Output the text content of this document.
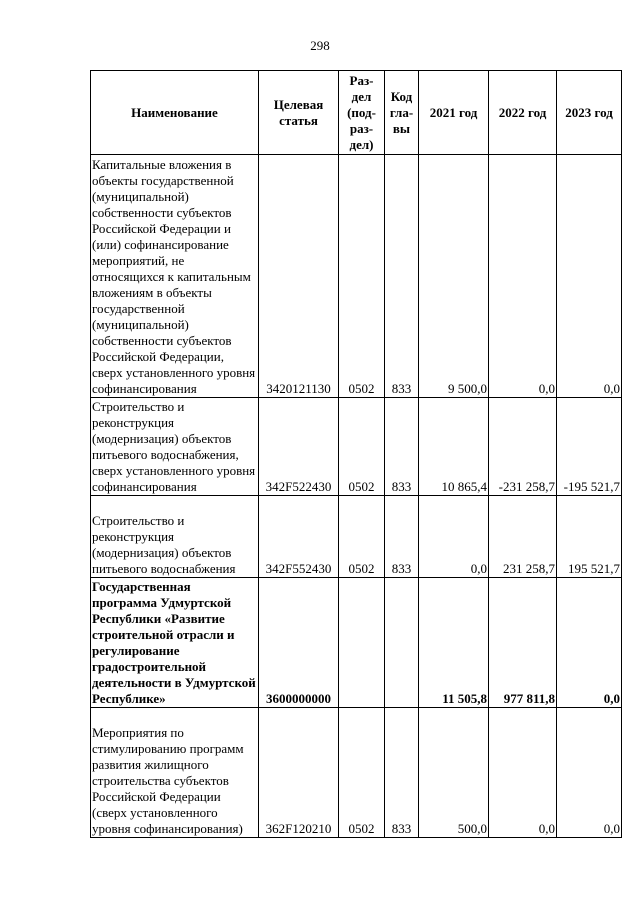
298
Наименование	Целевая статья	Раз-дел (под-раз-дел)	Код гла-вы	2021 год	2022 год	2023 год
Капитальные вложения в объекты государственной (муниципальной) собственности субъектов Российской Федерации и (или) софинансирование мероприятий, не относящихся к капитальным вложениям в объекты государственной (муниципальной) собственности субъектов Российской Федерации, сверх установленного уровня софинансирования	3420121130	0502	833	9 500,0	0,0	0,0
Строительство и реконструкция (модернизация) объектов питьевого водоснабжения, сверх установленного уровня софинансирования	342F522430	0502	833	10 865,4	-231 258,7	-195 521,7
Строительство и реконструкция (модернизация) объектов питьевого водоснабжения	342F552430	0502	833	0,0	231 258,7	195 521,7
Государственная программа Удмуртской Республики «Развитие строительной отрасли и регулирование градостроительной деятельности в Удмуртской Республике»	3600000000			11 505,8	977 811,8	0,0
Мероприятия по стимулированию программ развития жилищного строительства субъектов Российской Федерации (сверх установленного уровня софинансирования)	362F120210	0502	833	500,0	0,0	0,0
